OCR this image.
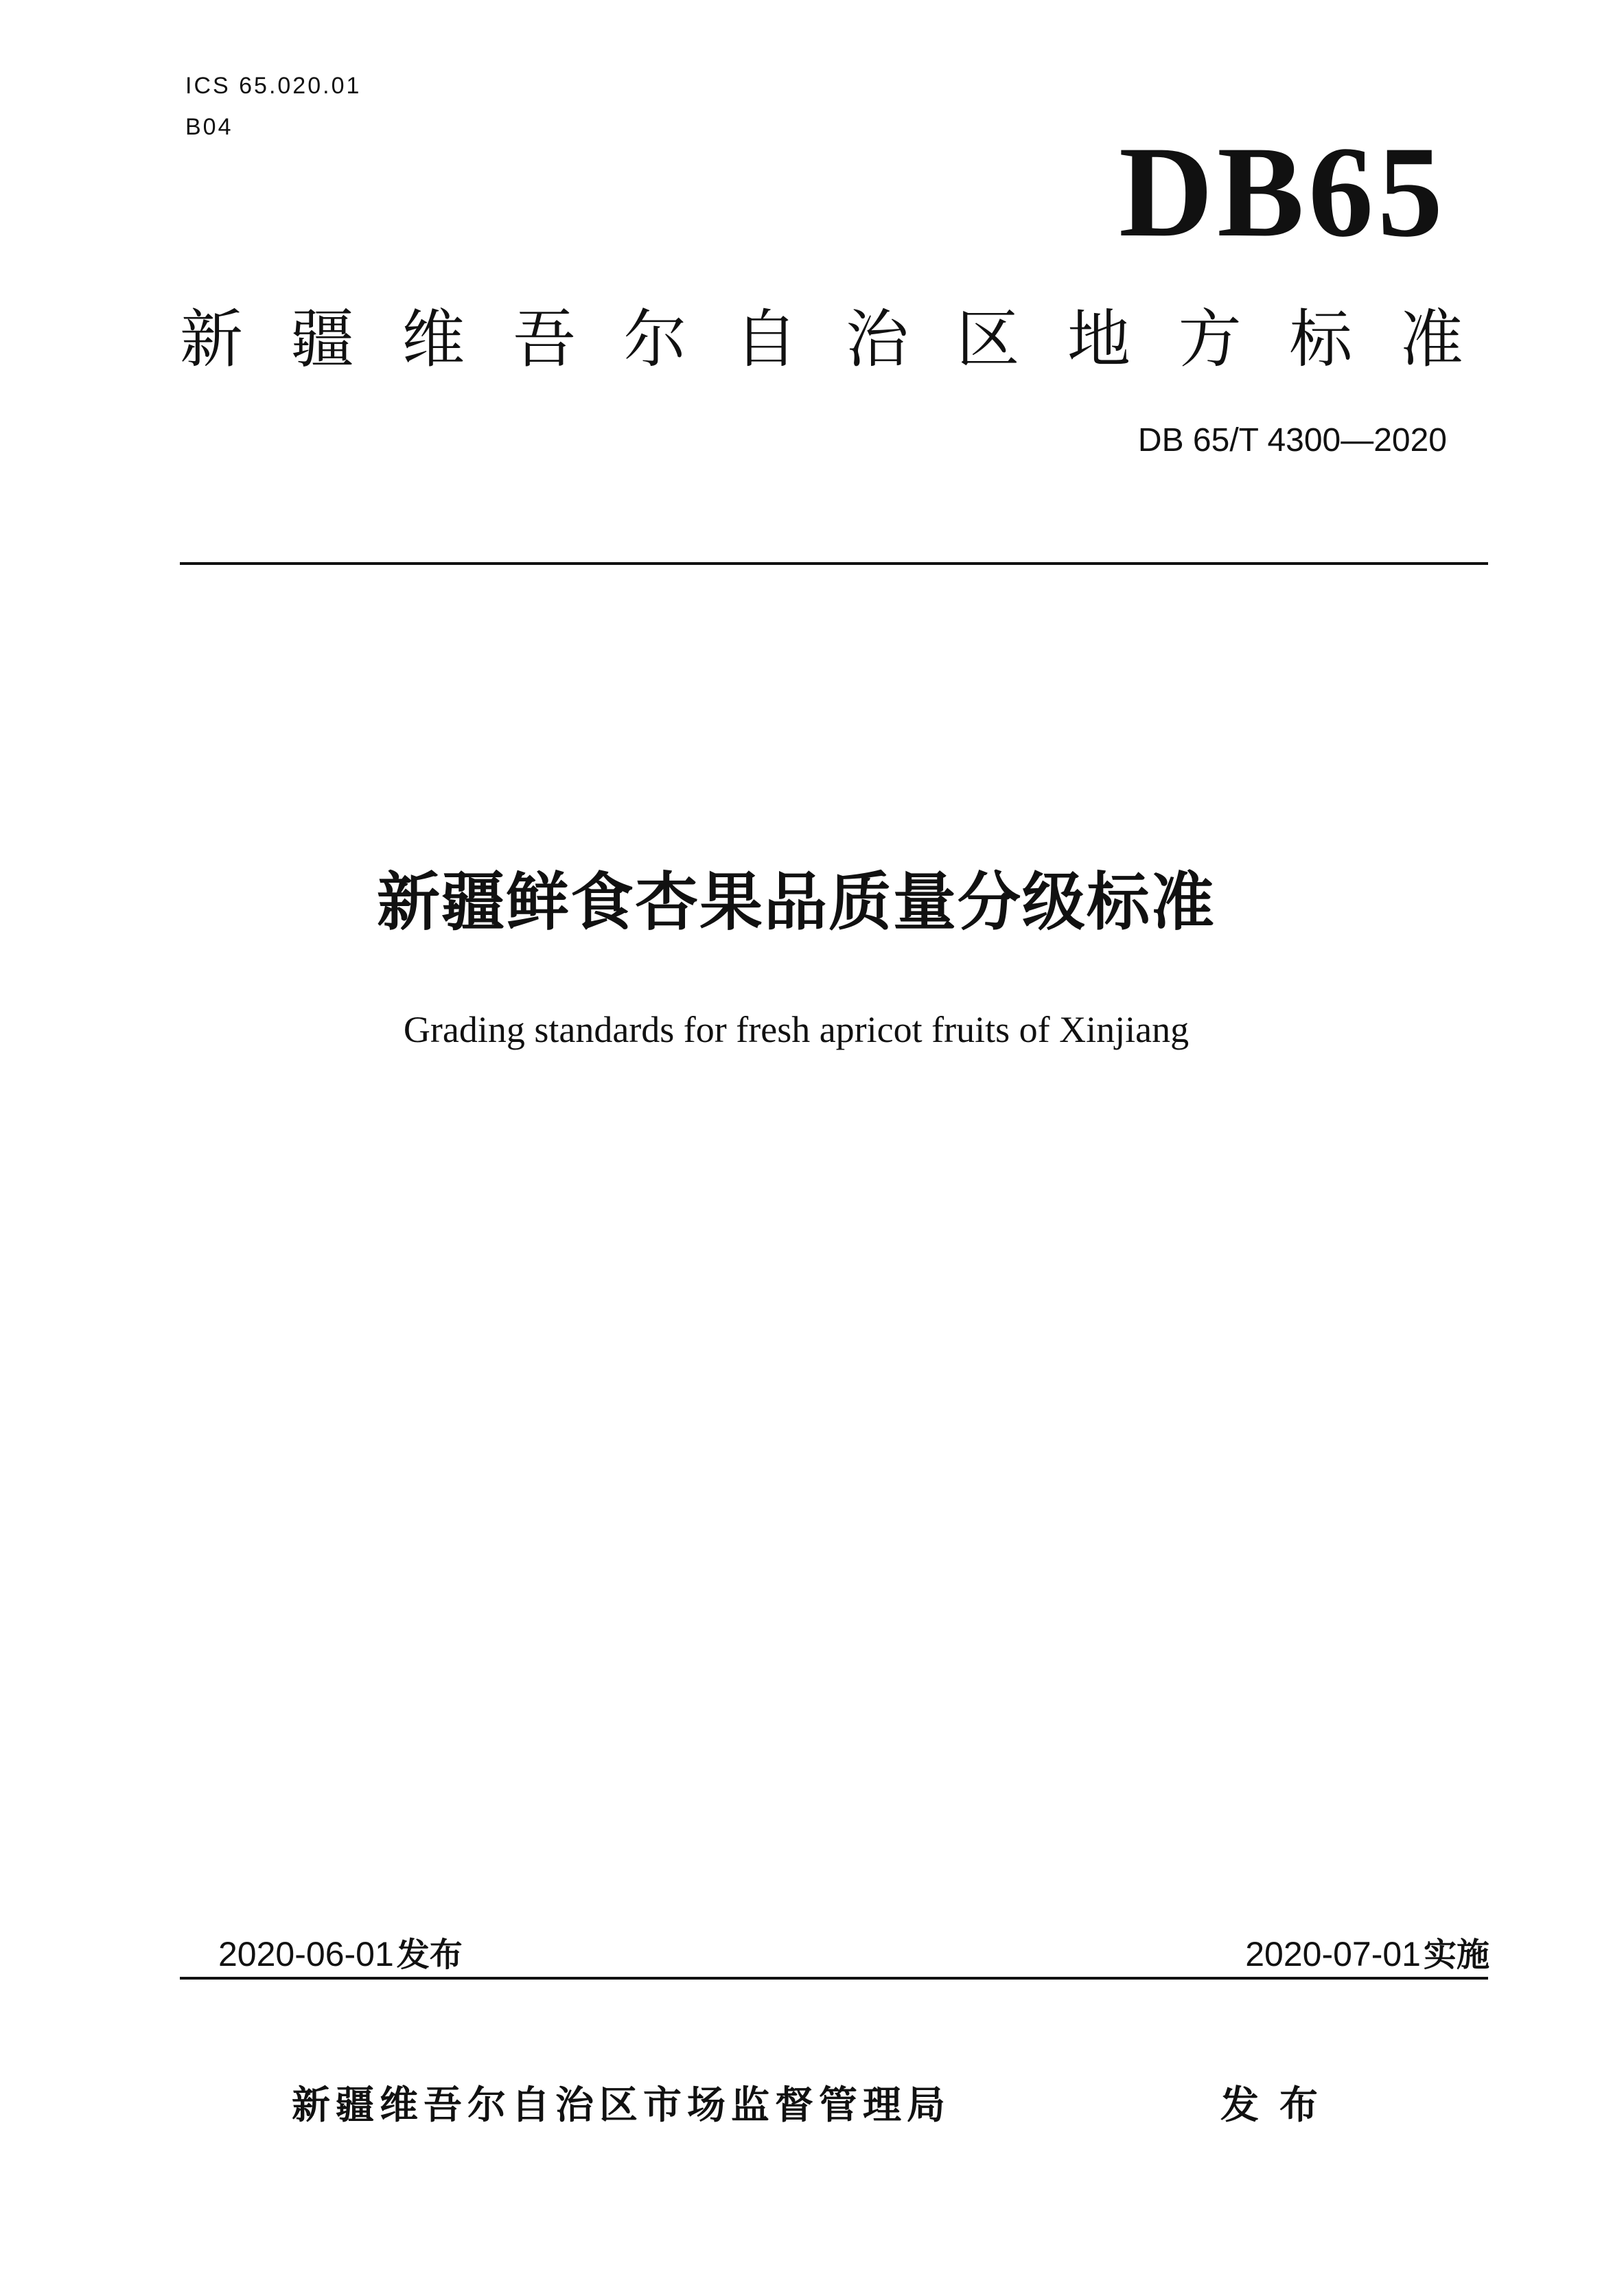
ICS 65.020.01
B04	DB65
新 疆 维 吾 尔 自 治 区 地 方 标 准
DB 65/T 4300—2020
新疆鲜食杏果品质量分级标准
Grading standards for fresh apricot fruits of Xinjiang
2020-06-01发布	2020-07-01实施
新疆维吾尔自治区市场监督管理局	发布
